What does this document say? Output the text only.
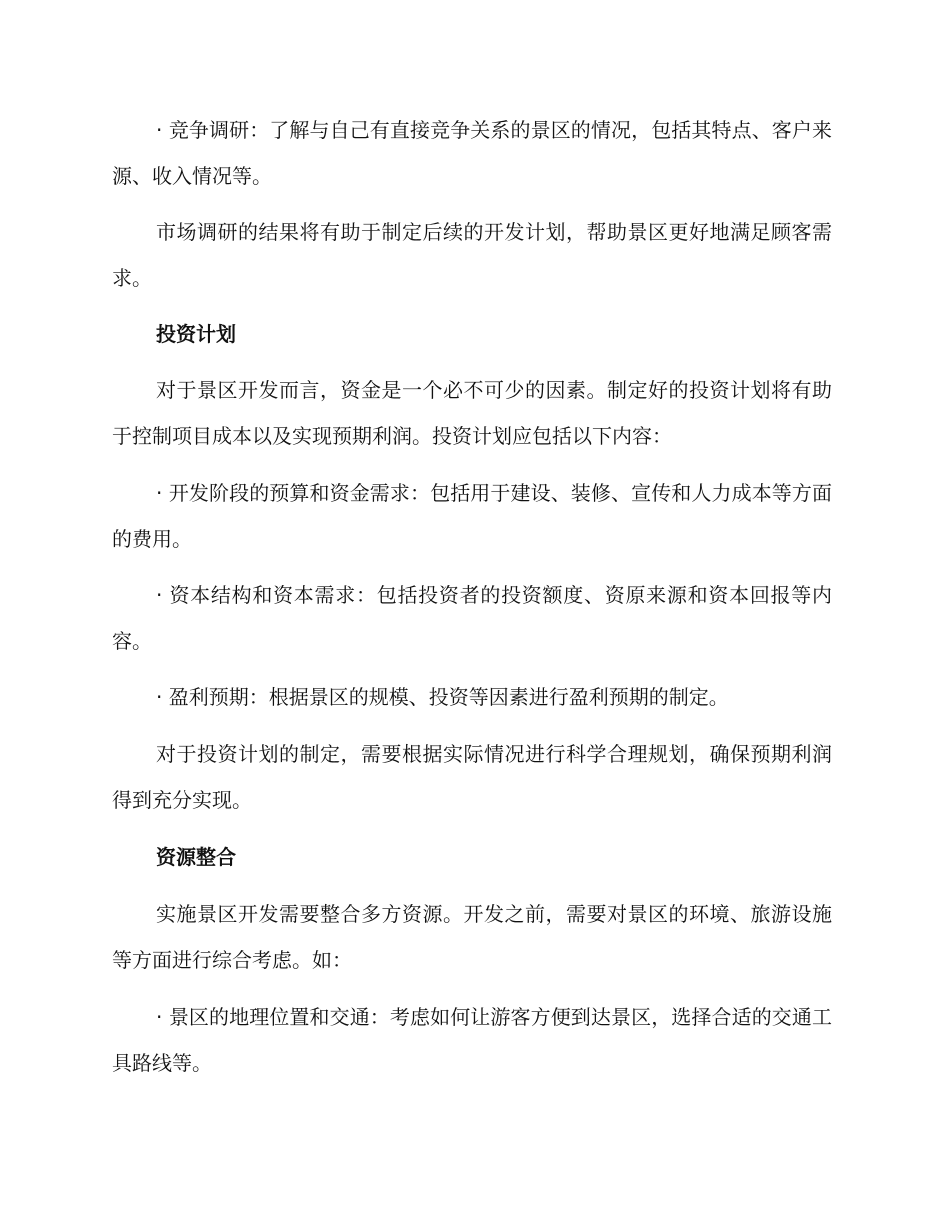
· 竞争调研：了解与自己有直接竞争关系的景区的情况，包括其特点、客户来源、收入情况等。

市场调研的结果将有助于制定后续的开发计划，帮助景区更好地满足顾客需求。

投资计划

对于景区开发而言，资金是一个必不可少的因素。制定好的投资计划将有助于控制项目成本以及实现预期利润。投资计划应包括以下内容：

· 开发阶段的预算和资金需求：包括用于建设、装修、宣传和人力成本等方面的费用。

· 资本结构和资本需求：包括投资者的投资额度、资原来源和资本回报等内容。

· 盈利预期：根据景区的规模、投资等因素进行盈利预期的制定。

对于投资计划的制定，需要根据实际情况进行科学合理规划，确保预期利润得到充分实现。

资源整合

实施景区开发需要整合多方资源。开发之前，需要对景区的环境、旅游设施等方面进行综合考虑。如：

· 景区的地理位置和交通：考虑如何让游客方便到达景区，选择合适的交通工具路线等。
